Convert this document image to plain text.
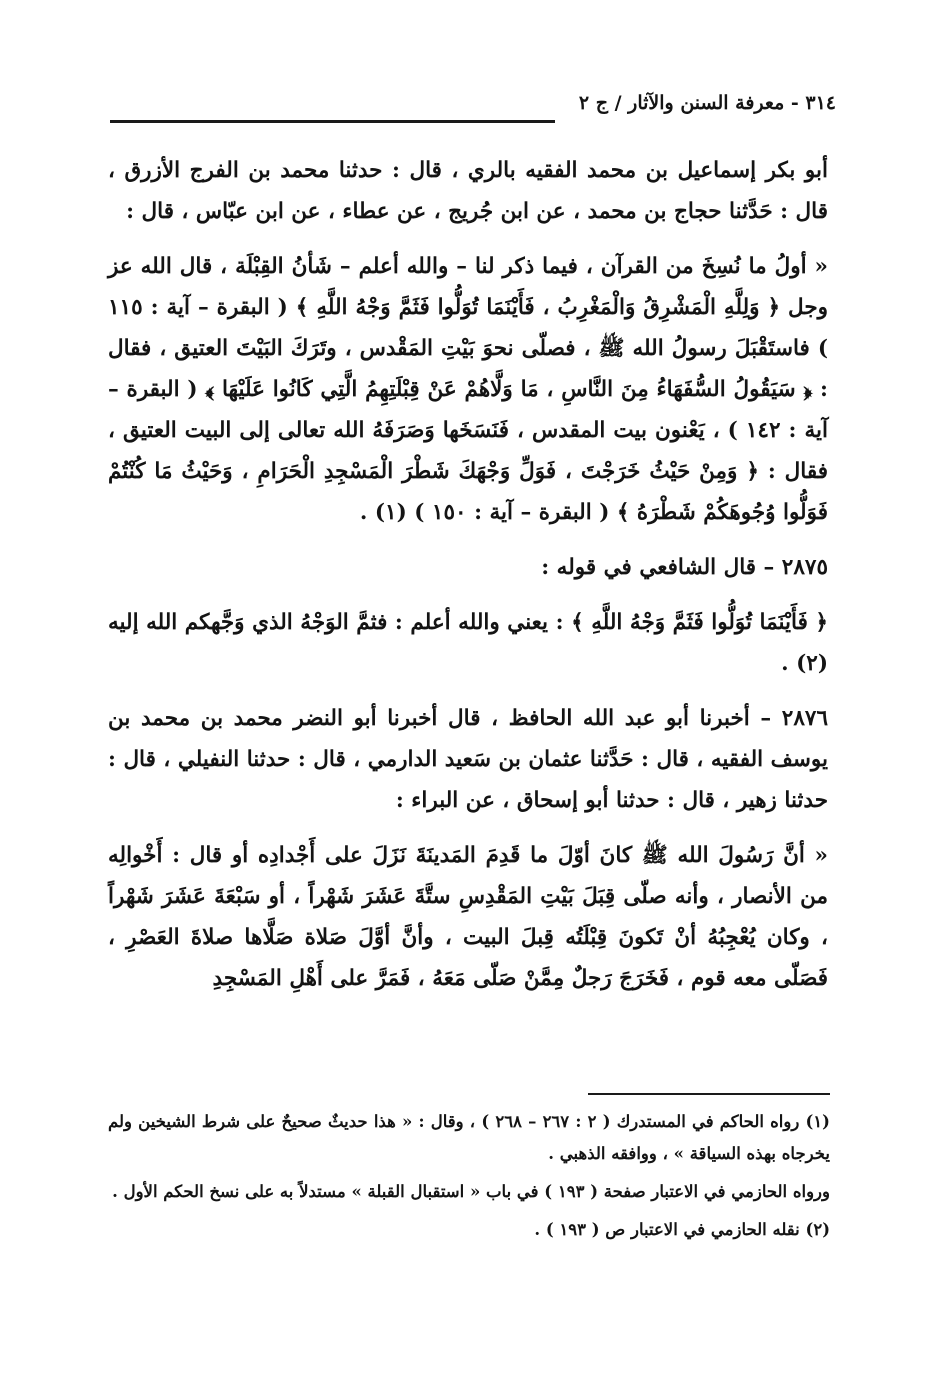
٣١٤ - معرفة السنن والآثار / ج ٢

أبو بكر إسماعيل بن محمد الفقيه بالري ، قال : حدثنا محمد بن الفرج الأزرق ، قال : حَدَّثنا حجاج بن محمد ، عن ابن جُريج ، عن عطاء ، عن ابن عبّاس ، قال :

« أولُ ما نُسِخَ من القرآن ، فيما ذكر لنا – والله أعلم – شَأنُ القِبْلَة ، قال الله عز وجل ﴿ وَلِلَّهِ الْمَشْرِقُ وَالْمَغْرِبُ ، فَأَيْنَمَا تُوَلُّوا فَثَمَّ وَجْهُ اللَّهِ ﴾ ( البقرة – آية : ١١٥ ) فاستَقْبَلَ رسولُ الله ﷺ ، فصلّى نحوَ بَيْتِ المَقْدس ، وتَرَكَ البَيْتَ العتيق ، فقال : ﴿ سَيَقُولُ السُّفَهَاءُ مِنَ النَّاسِ ، مَا وَلَّاهُمْ عَنْ قِبْلَتِهِمُ الَّتِي كَانُوا عَلَيْهَا ﴾ ( البقرة – آية : ١٤٢ ) ، يَعْنون بيت المقدس ، فَنَسَخَها وَصَرَفَهُ الله تعالى إلى البيت العتيق ، فقال : ﴿ وَمِنْ حَيْثُ خَرَجْتَ ، فَوَلِّ وَجْهَكَ شَطْرَ الْمَسْجِدِ الْحَرَامِ ، وَحَيْثُ مَا كُنْتُمْ فَوَلُّوا وُجُوهَكُمْ شَطْرَهُ ﴾ ( البقرة – آية : ١٥٠ ) (١) .

٢٨٧٥ – قال الشافعي في قوله :

﴿ فَأَيْنَمَا تُوَلُّوا فَثَمَّ وَجْهُ اللَّهِ ﴾ : يعني والله أعلم : فثمَّ الوَجْهُ الذي وَجَّهكم الله إليه (٢) .

٢٨٧٦ – أخبرنا أبو عبد الله الحافظ ، قال أخبرنا أبو النضر محمد بن محمد بن يوسف الفقيه ، قال : حَدَّثنا عثمان بن سَعيد الدارمي ، قال : حدثنا النفيلي ، قال : حدثنا زهير ، قال : حدثنا أبو إسحاق ، عن البراء :

« أنَّ رَسُولَ الله ﷺ كانَ أوّلَ ما قَدِمَ المَدينَةَ نَزَلَ على أَجْدادِه أو قال : أَخْوالِه من الأنصار ، وأنه صلّى قِبَلَ بَيْتِ المَقْدِسِ ستَّةَ عَشَرَ شَهْراً ، أو سَبْعَةَ عَشَرَ شَهْراً ، وكان يُعْجِبُهُ أنْ تَكونَ قِبْلَتُه قِبلَ البيت ، وأنَّ أوَّلَ صَلاة صَلَّاها صلاةَ العَصْرِ ، فَصَلّى معه قوم ، فَخَرَجَ رَجلٌ مِمَّنْ صَلّى مَعَهُ ، فَمَرَّ على أَهْلِ المَسْجِدِ

(١) رواه الحاكم في المستدرك ( ٢ : ٢٦٧ – ٢٦٨ ) ، وقال : « هذا حديثٌ صحيحٌ على شرط الشيخين ولم يخرجاه بهذه السياقة » ، ووافقه الذهبي .

ورواه الحازمي في الاعتبار صفحة ( ١٩٣ ) في باب « استقبال القبلة » مستدلاً به على نسخ الحكم الأول .

(٢) نقله الحازمي في الاعتبار ص ( ١٩٣ ) .
